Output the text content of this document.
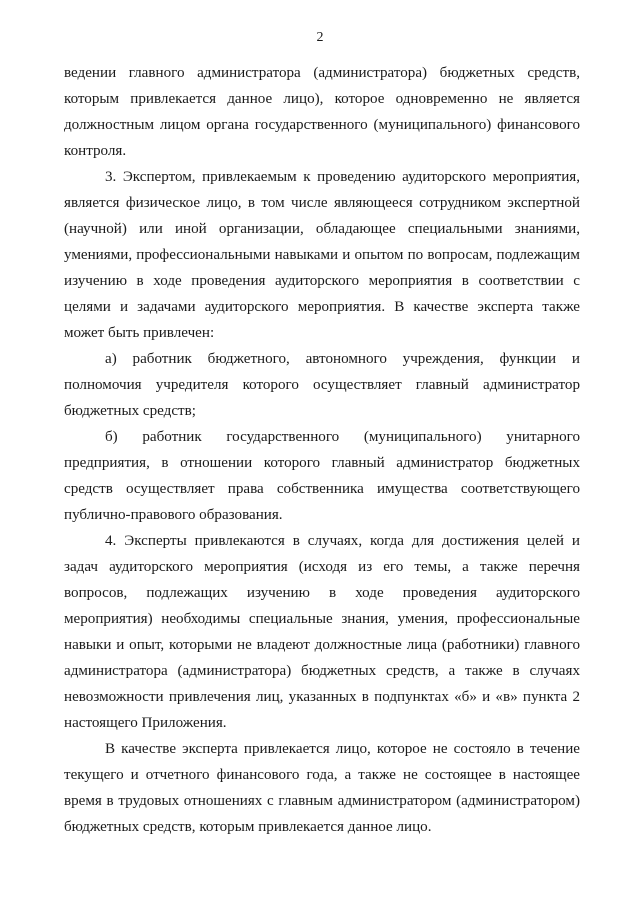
2

ведении главного администратора (администратора) бюджетных средств, которым привлекается данное лицо), которое одновременно не является должностным лицом органа государственного (муниципального) финансового контроля.

3. Экспертом, привлекаемым к проведению аудиторского мероприятия, является физическое лицо, в том числе являющееся сотрудником экспертной (научной) или иной организации, обладающее специальными знаниями, умениями, профессиональными навыками и опытом по вопросам, подлежащим изучению в ходе проведения аудиторского мероприятия в соответствии с целями и задачами аудиторского мероприятия. В качестве эксперта также может быть привлечен:

а) работник бюджетного, автономного учреждения, функции и полномочия учредителя которого осуществляет главный администратор бюджетных средств;

б) работник государственного (муниципального) унитарного предприятия, в отношении которого главный администратор бюджетных средств осуществляет права собственника имущества соответствующего публично-правового образования.

4. Эксперты привлекаются в случаях, когда для достижения целей и задач аудиторского мероприятия (исходя из его темы, а также перечня вопросов, подлежащих изучению в ходе проведения аудиторского мероприятия) необходимы специальные знания, умения, профессиональные навыки и опыт, которыми не владеют должностные лица (работники) главного администратора (администратора) бюджетных средств, а также в случаях невозможности привлечения лиц, указанных в подпунктах «б» и «в» пункта 2 настоящего Приложения.

В качестве эксперта привлекается лицо, которое не состояло в течение текущего и отчетного финансового года, а также не состоящее в настоящее время в трудовых отношениях с главным администратором (администратором) бюджетных средств, которым привлекается данное лицо.
